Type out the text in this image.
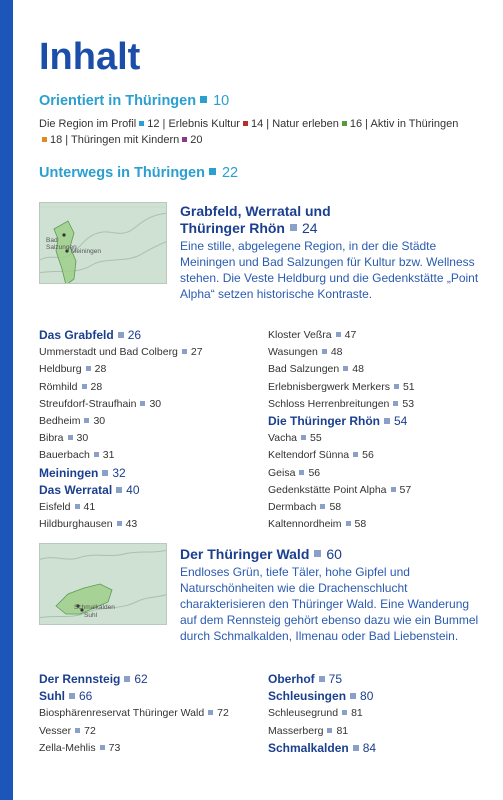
Inhalt
Orientiert in Thüringen 10
Die Region im Profil 12 | Erlebnis Kultur 14 | Natur erleben 16 | Aktiv in Thüringen18 | Thüringen mit Kindern 20
Unterwegs in Thüringen 22
Bad Salzungen
Meiningen
Grabfeld, Werratal und
Thüringer Rhön 24
Eine stille, abgelegene Region, in der die Städte Meiningen und Bad Salzungen für Kultur bzw. Wellness stehen. Die Veste Heldburg und die Gedenkstätte „Point Alpha“ setzen historische Kontraste.
Das Grabfeld 26
Ummerstadt und Bad Colberg 27
Heldburg 28
Römhild 28
Streufdorf-Straufhain 30
Bedheim 30
Bibra 30
Bauerbach 31
Meiningen 32
Das Werratal 40
Eisfeld 41
Hildburghausen 43
Kloster Veßra 47
Wasungen 48
Bad Salzungen 48
Erlebnisbergwerk Merkers 51
Schloss Herrenbreitungen 53
Die Thüringer Rhön 54
Vacha 55
Keltendorf Sünna 56
Geisa 56
Gedenkstätte Point Alpha 57
Dermbach 58
Kaltennordheim 58
Schmalkalden
Suhl
Der Thüringer Wald 60
Endloses Grün, tiefe Täler, hohe Gipfel und Naturschönheiten wie die Drachenschlucht charakterisieren den Thüringer Wald. Eine Wanderung auf dem Rennsteig gehört ebenso dazu wie ein Bummel durch Schmalkalden, Ilmenau oder Bad Liebenstein.
Der Rennsteig 62
Suhl 66
Biosphärenreservat Thüringer Wald 72
Vesser 72
Zella-Mehlis 73
Oberhof 75
Schleusingen 80
Schleusegrund 81
Masserberg 81
Schmalkalden 84
